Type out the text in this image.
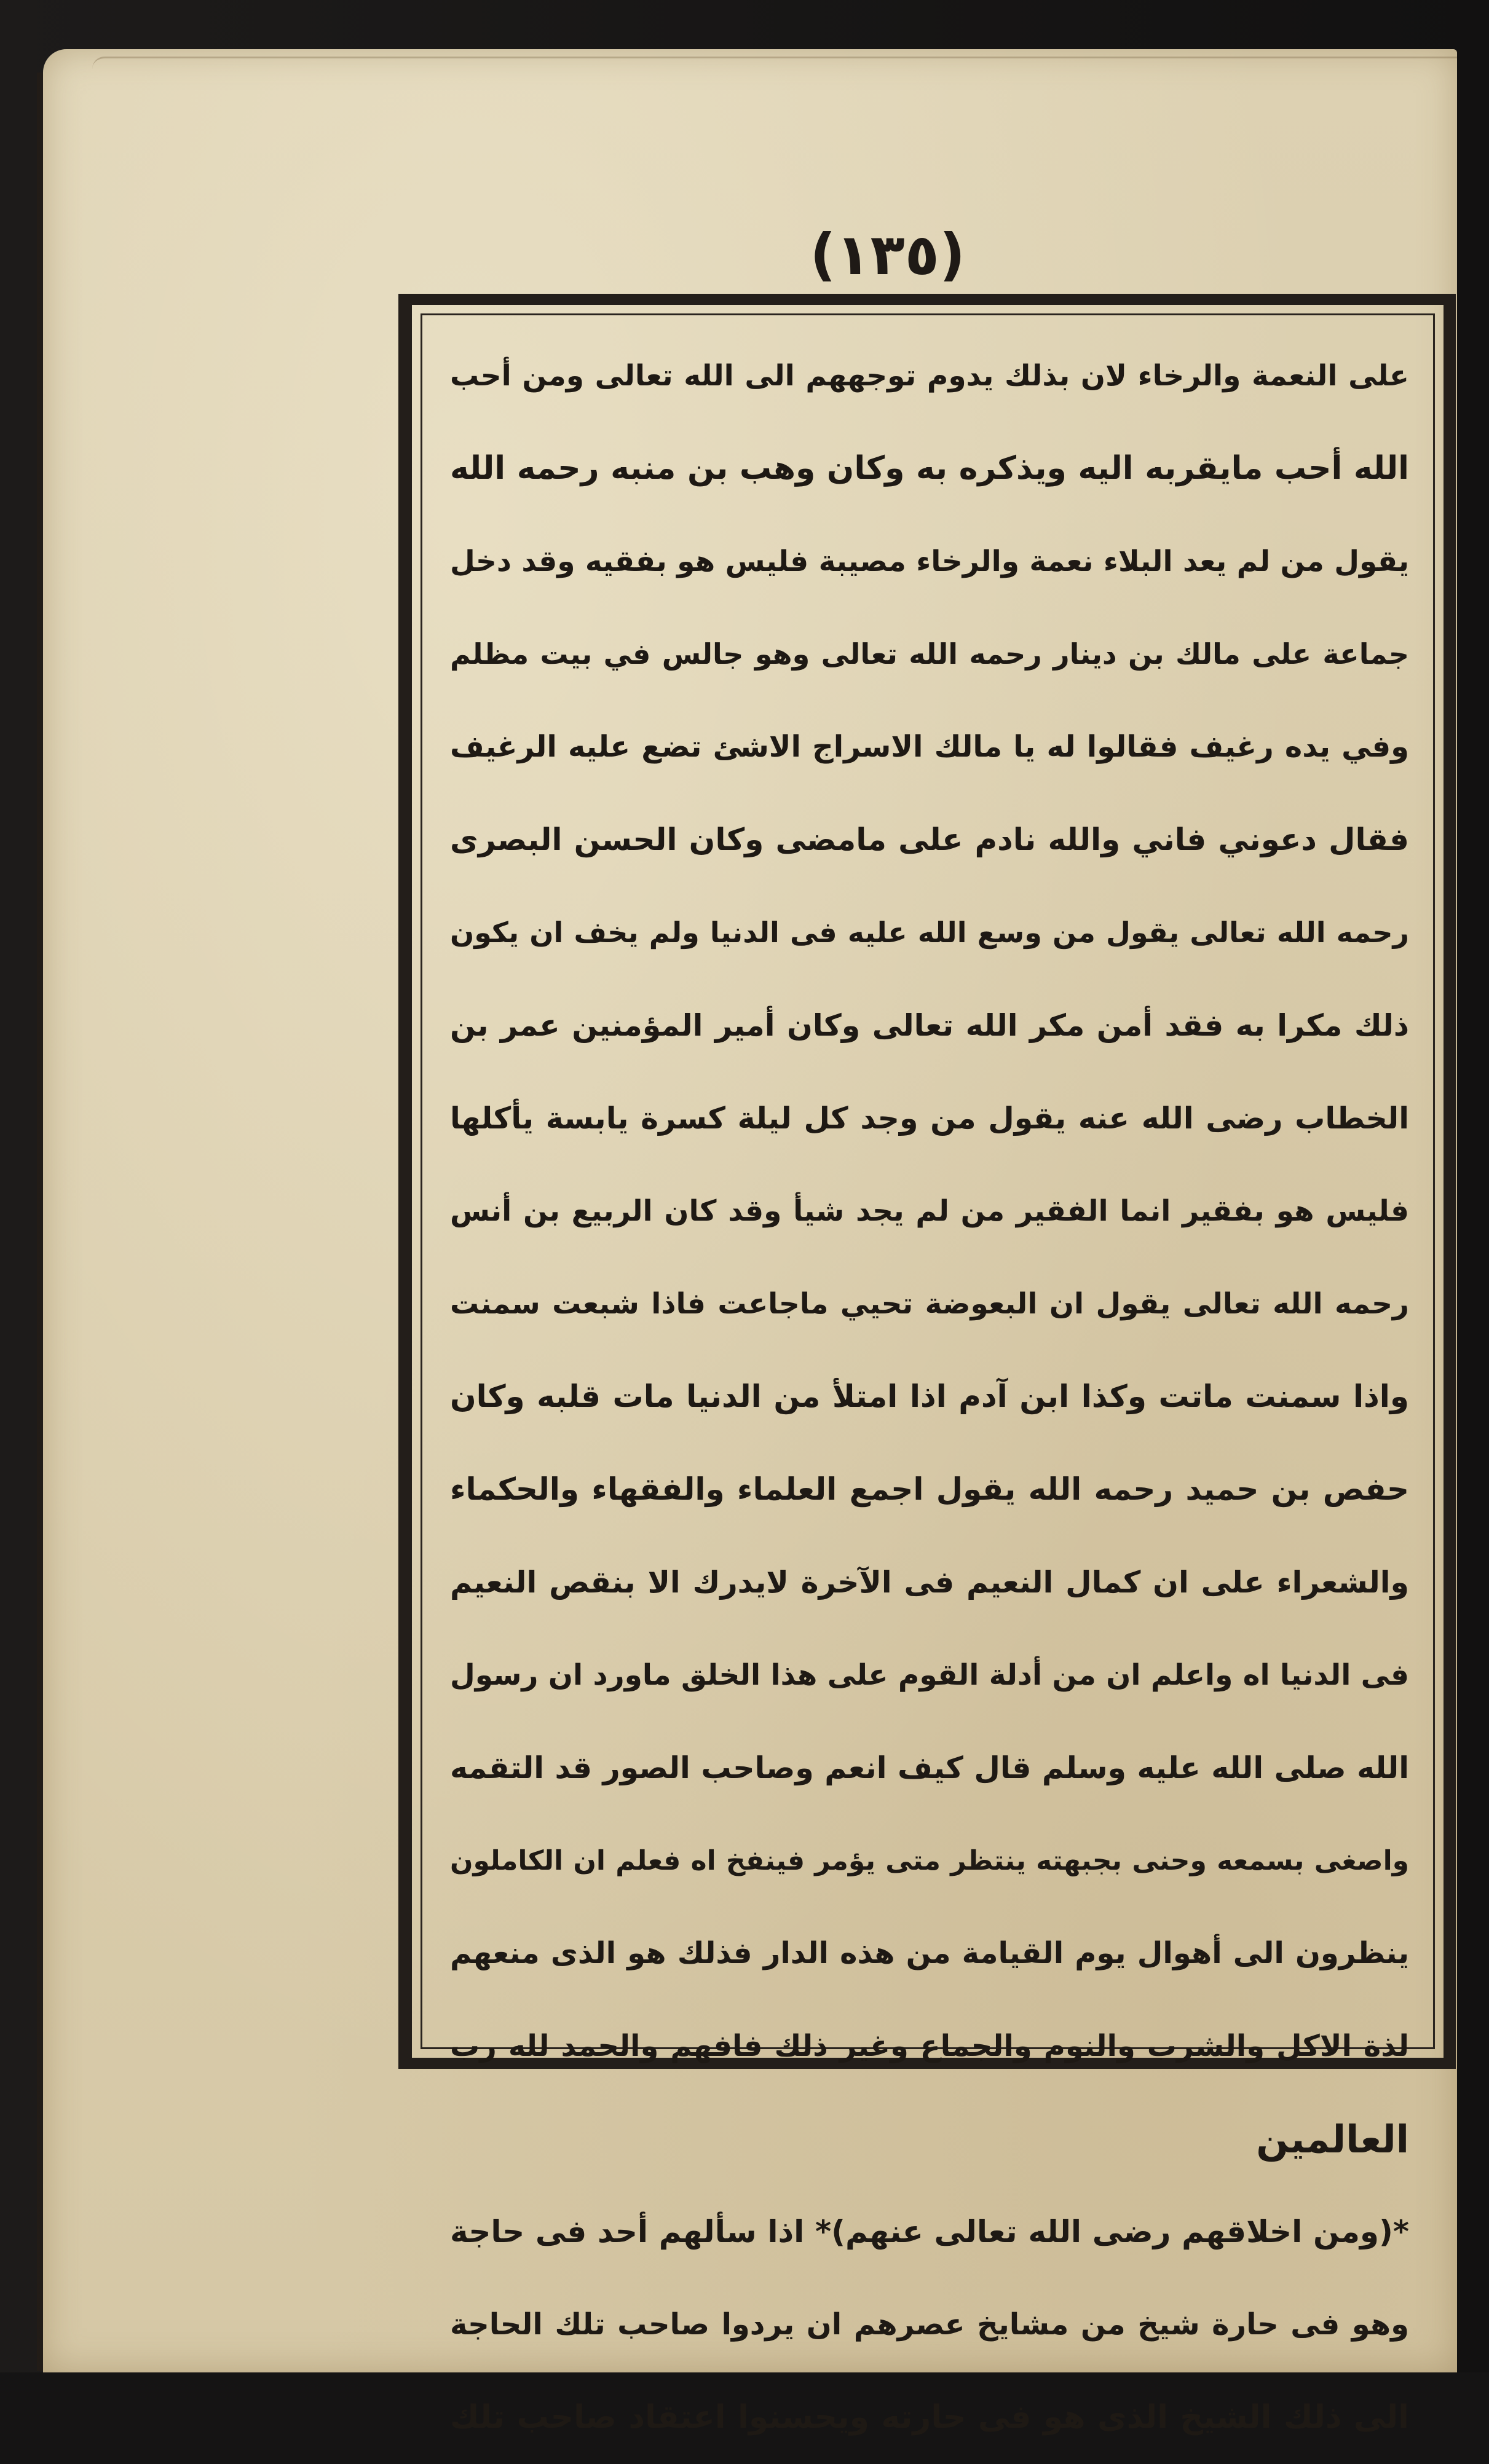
(١٣٥)
على النعمة والرخاء لان بذلك يدوم توجههم الى الله تعالى ومن أحب
الله أحب مايقربه اليه ويذكره به وكان وهب بن منبه رحمه الله
يقول من لم يعد البلاء نعمة والرخاء مصيبة فليس هو بفقيه وقد دخل
جماعة على مالك بن دينار رحمه الله تعالى وهو جالس في بيت مظلم
وفي يده رغيف فقالوا له يا مالك الاسراج الاشئ تضع عليه الرغيف
فقال دعوني فاني والله نادم على مامضى وكان الحسن البصرى
رحمه الله تعالى يقول من وسع الله عليه فى الدنيا ولم يخف ان يكون
ذلك مكرا به فقد أمن مكر الله تعالى وكان أمير المؤمنين عمر بن
الخطاب رضى الله عنه يقول من وجد كل ليلة كسرة يابسة يأكلها
فليس هو بفقير انما الفقير من لم يجد شيأ وقد كان الربيع بن أنس
رحمه الله تعالى يقول ان البعوضة تحيي ماجاعت فاذا شبعت سمنت
واذا سمنت ماتت وكذا ابن آدم اذا امتلأ من الدنيا مات قلبه وكان
حفص بن حميد رحمه الله يقول اجمع العلماء والفقهاء والحكماء
والشعراء على ان كمال النعيم فى الآخرة لايدرك الا بنقص النعيم
فى الدنيا اه واعلم ان من أدلة القوم على هذا الخلق ماورد ان رسول
الله صلى الله عليه وسلم قال كيف انعم وصاحب الصور قد التقمه
واصغى بسمعه وحنى بجبهته ينتظر متى يؤمر فينفخ اه فعلم ان الكاملون
ينظرون الى أهوال يوم القيامة من هذه الدار فذلك هو الذى منعهم
لذة الاكل والشرب والنوم والجماع وغير ذلك فافهم والحمد لله رب
العالمين
*(ومن اخلاقهم رضى الله تعالى عنهم)* اذا سألهم أحد فى حاجة
وهو فى حارة شيخ من مشايخ عصرهم ان يردوا صاحب تلك الحاجة
الى ذلك الشيخ الذى هو فى حارته ويحسنوا اعتقاد صاحب تلك
